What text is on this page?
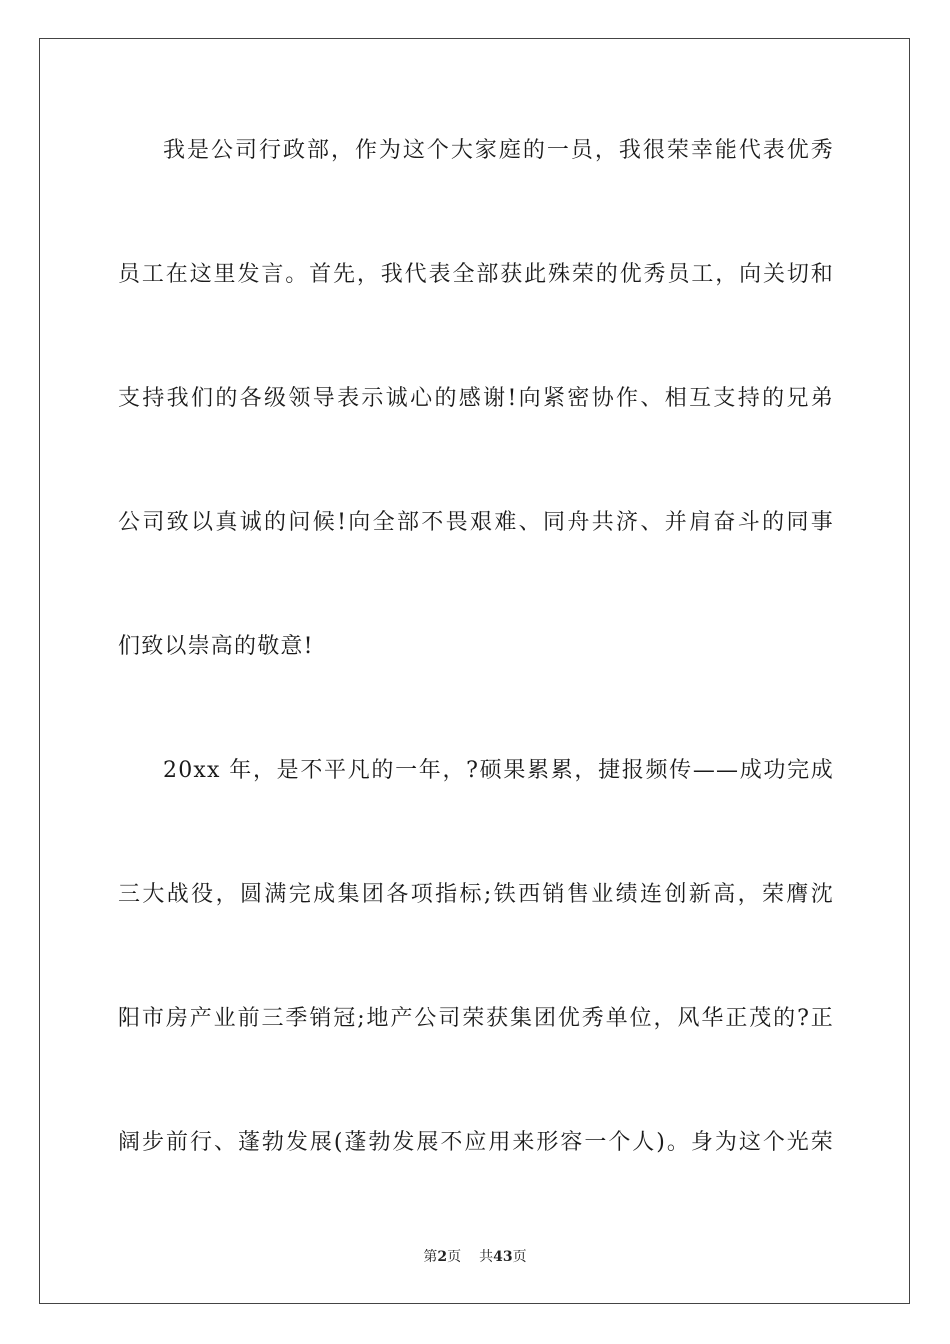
我是公司行政部，作为这个大家庭的一员，我很荣幸能代表优秀
员工在这里发言。首先，我代表全部获此殊荣的优秀员工，向关切和
支持我们的各级领导表示诚心的感谢!向紧密协作、相互支持的兄弟
公司致以真诚的问候!向全部不畏艰难、同舟共济、并肩奋斗的同事
们致以崇高的敬意!
20xx 年，是不平凡的一年，?硕果累累，捷报频传——成功完成
三大战役，圆满完成集团各项指标;铁西销售业绩连创新高，荣膺沈
阳市房产业前三季销冠;地产公司荣获集团优秀单位，风华正茂的?正
阔步前行、蓬勃发展(蓬勃发展不应用来形容一个人)。身为这个光荣
第2页 共43页
